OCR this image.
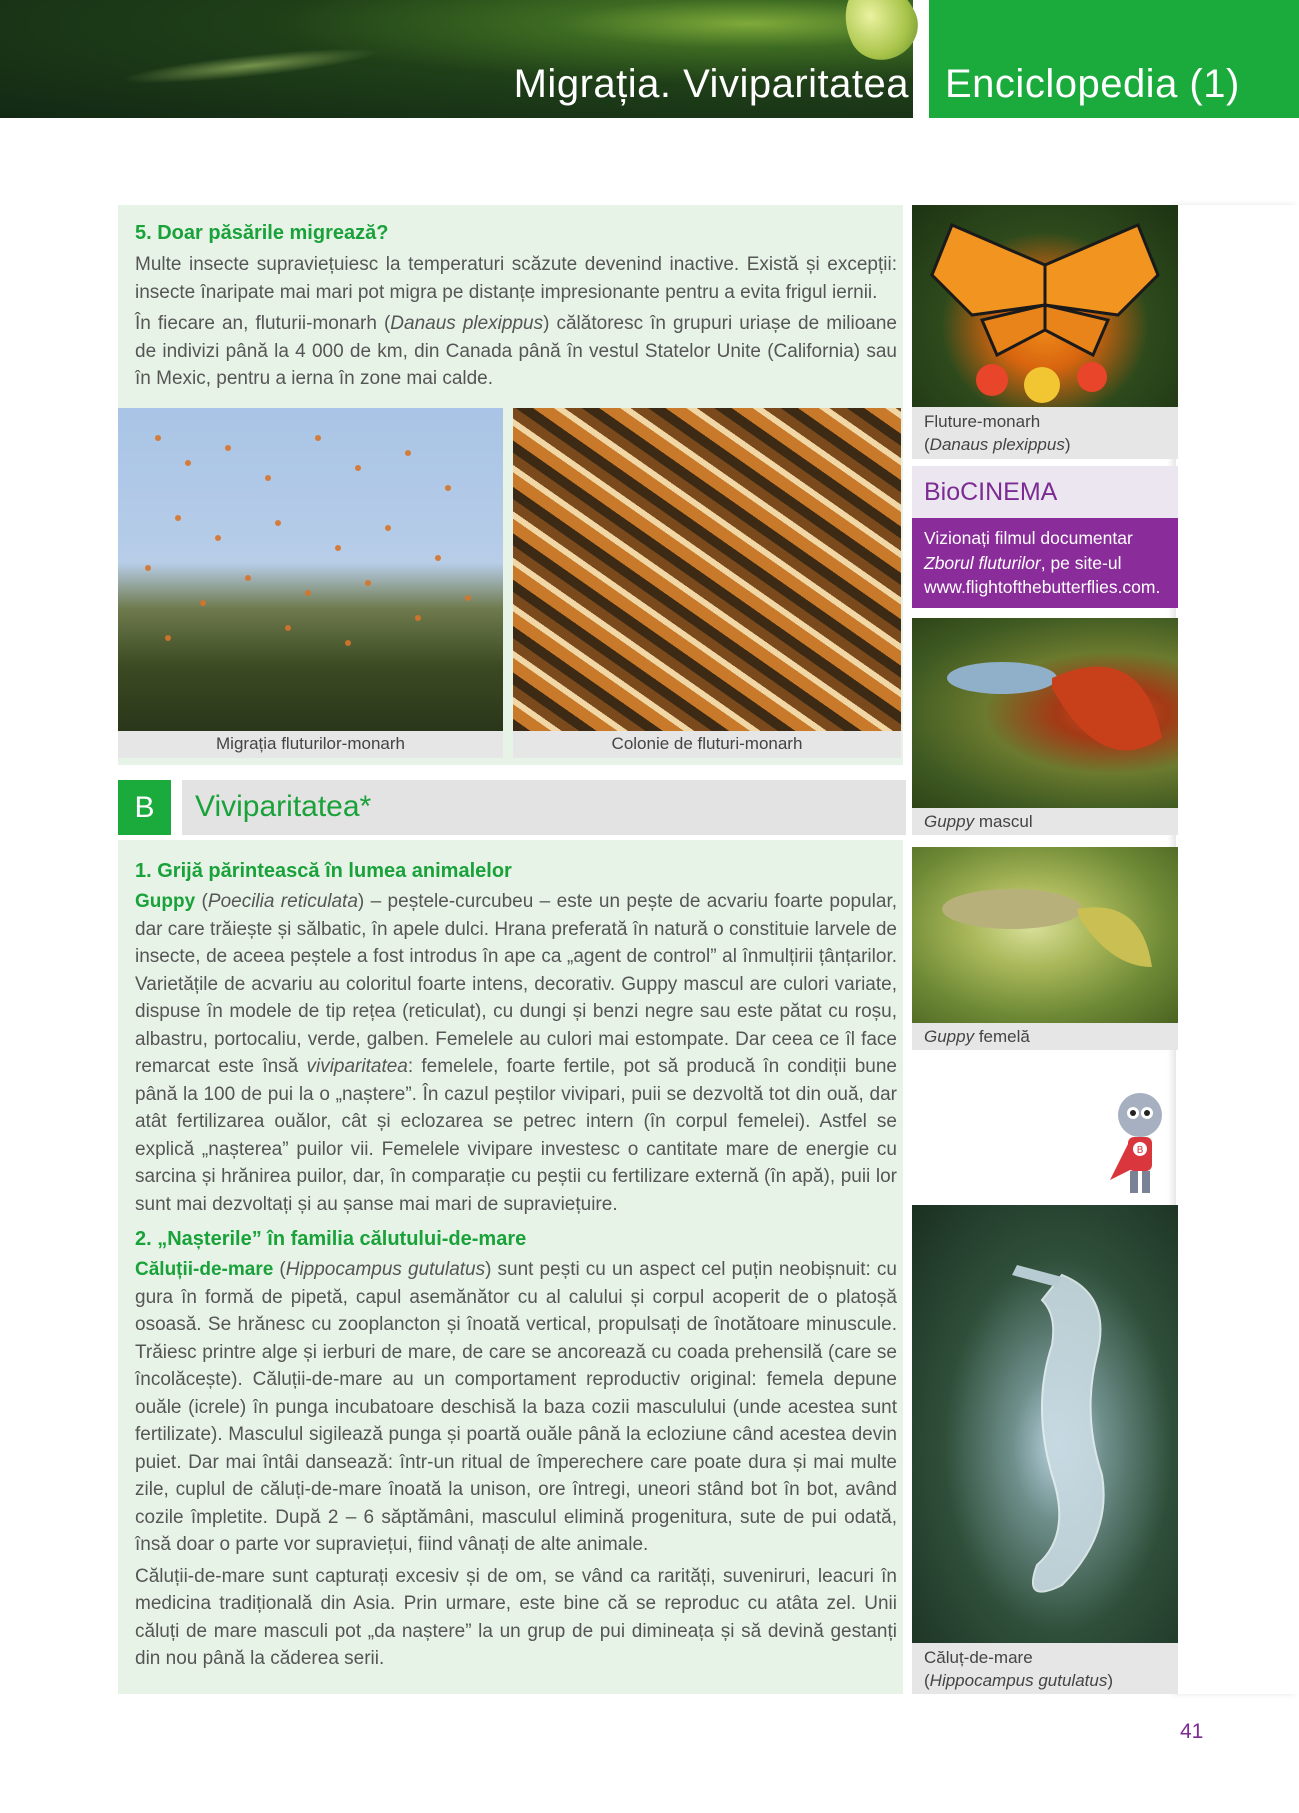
Migrația. Viviparitatea Enciclopedia (1)
5. Doar păsările migrează?
Multe insecte supraviețuiesc la temperaturi scăzute devenind inactive. Există și excepții: insecte înaripate mai mari pot migra pe distanțe impresionante pentru a evita frigul iernii.
În fiecare an, fluturii-monarh (Danaus plexippus) călătoresc în grupuri uriașe de milioane de indivizi până la 4 000 de km, din Canada până în vestul Statelor Unite (California) sau în Mexic, pentru a ierna în zone mai calde.
Migrația fluturilor-monarh	Colonie de fluturi-monarh
B	Viviparitatea*
1. Grijă părintească în lumea animalelor
Guppy (Poecilia reticulata) – peștele-curcubeu – este un pește de acvariu foarte popular, dar care trăiește și sălbatic, în apele dulci. Hrana preferată în natură o constituie larvele de insecte, de aceea peștele a fost introdus în ape ca „agent de control” al înmulțirii țânțarilor. Varietățile de acvariu au coloritul foarte intens, decorativ. Guppy mascul are culori variate, dispuse în modele de tip rețea (reticulat), cu dungi și benzi negre sau este pătat cu roșu, albastru, portocaliu, verde, galben. Femelele au culori mai estompate. Dar ceea ce îl face remarcat este însă viviparitatea: femelele, foarte fertile, pot să producă în condiții bune până la 100 de pui la o „naștere”. În cazul peștilor vivipari, puii se dezvoltă tot din ouă, dar atât fertilizarea ouălor, cât și eclozarea se petrec intern (în corpul femelei). Astfel se explică „nașterea” puilor vii. Femelele vivipare investesc o cantitate mare de energie cu sarcina și hrănirea puilor, dar, în comparație cu peștii cu fertilizare externă (în apă), puii lor sunt mai dezvoltați și au șanse mai mari de supraviețuire.
2. „Nașterile” în familia călutului-de-mare
Căluții-de-mare (Hippocampus gutulatus) sunt pești cu un aspect cel puțin neobișnuit: cu gura în formă de pipetă, capul asemănător cu al calului și corpul acoperit de o platoșă osoasă. Se hrănesc cu zooplancton și înoată vertical, propulsați de înotătoare minuscule. Trăiesc printre alge și ierburi de mare, de care se ancorează cu coada prehensilă (care se încolăcește). Căluții-de-mare au un comportament reproductiv original: femela depune ouăle (icrele) în punga incubatoare deschisă la baza cozii masculului (unde acestea sunt fertilizate). Masculul sigilează punga și poartă ouăle până la ecloziune când acestea devin puiet. Dar mai întâi dansează: într-un ritual de împerechere care poate dura și mai multe zile, cuplul de căluți-de-mare înoată la unison, ore întregi, uneori stând bot în bot, având cozile împletite. După 2 – 6 săptămâni, masculul elimină progenitura, sute de pui odată, însă doar o parte vor supraviețui, fiind vânați de alte animale.
Căluții-de-mare sunt capturați excesiv și de om, se vând ca rarități, suveniruri, leacuri în medicina tradițională din Asia. Prin urmare, este bine că se reproduc cu atâta zel. Unii căluți de mare masculi pot „da naștere” la un grup de pui dimineața și să devină gestanți din nou până la căderea serii.
Fluture-monarh
(Danaus plexippus)
BioCINEMA
Vizionați filmul documentar
Zborul fluturilor, pe site-ul
www.flightofthebutterflies.com.
Guppy mascul
Guppy femelă
B
Căluț-de-mare
(Hippocampus gutulatus)
41
